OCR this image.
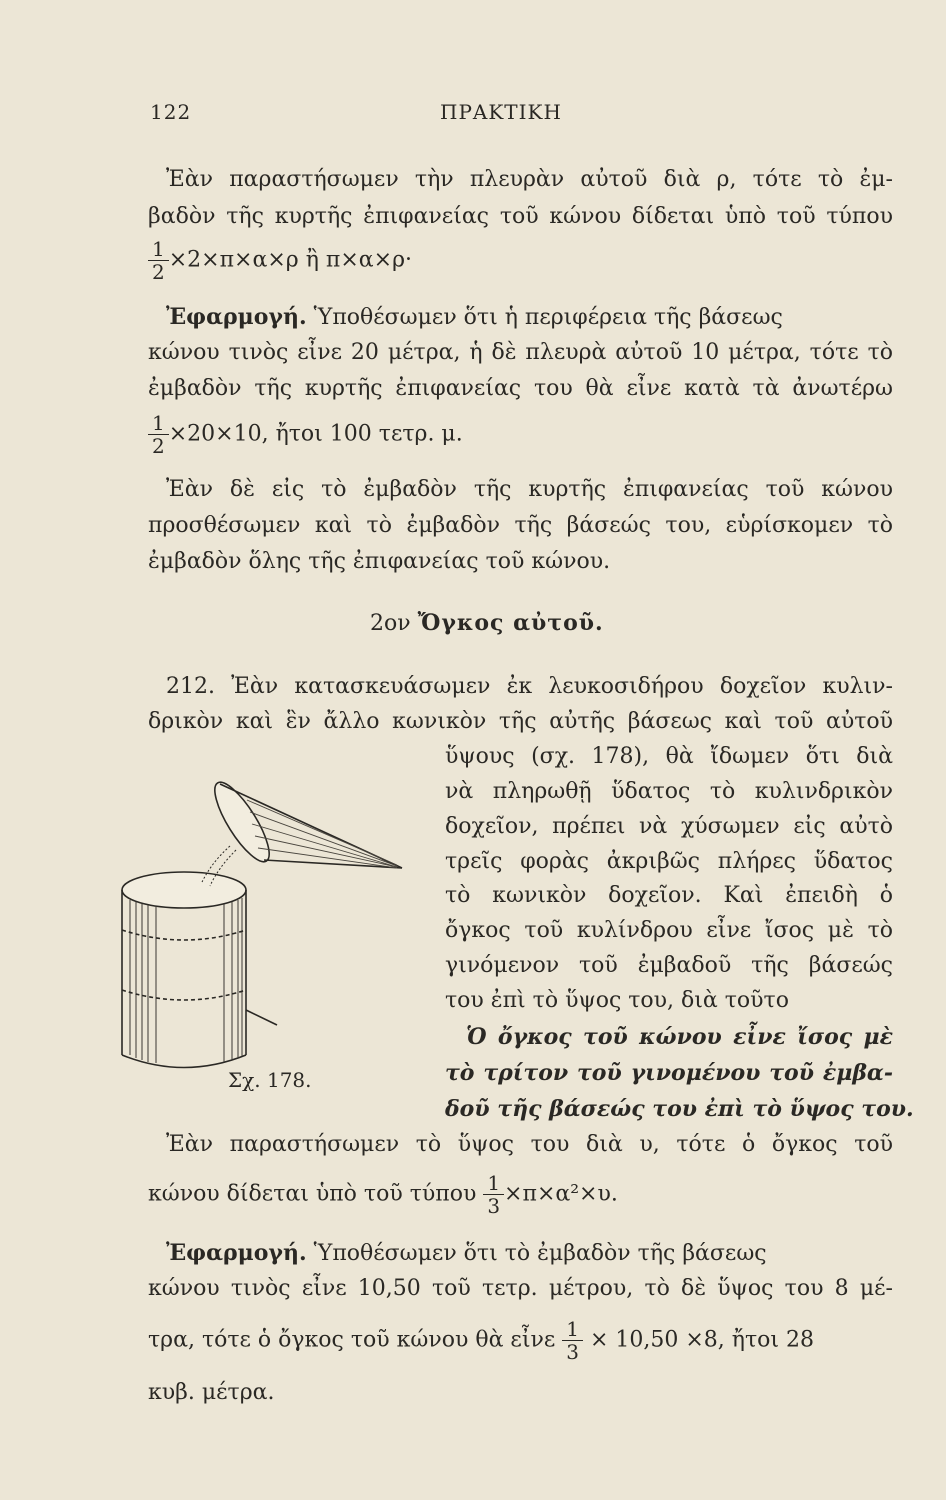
122	ΠΡΑΚΤΙΚΗ
Ἐὰν παραστήσωμεν τὴν πλευρὰν αὐτοῦ διὰ ρ, τότε τὸ ἐμ-
βαδὸν τῆς κυρτῆς ἐπιφανείας τοῦ κώνου δίδεται ὑπὸ τοῦ τύπου
$\frac{1}{2} \times 2\times\pi\times\alpha\times\rho$ ἢ π×α×ρ·
Ἐφαρμογή. Ὑποθέσωμεν ὅτι ἡ περιφέρεια τῆς βάσεως
κώνου τινὸς εἶνε 20 μέτρα, ἡ δὲ πλευρὰ αὐτοῦ 10 μέτρα, τότε τὸ
ἐμβαδὸν τῆς κυρτῆς ἐπιφανείας του θὰ εἶνε κατὰ τὰ ἀνωτέρω
$\frac{1}{2} \times 20\times 10$, ἤτοι 100 τετρ. μ.
Ἐὰν δὲ εἰς τὸ ἐμβαδὸν τῆς κυρτῆς ἐπιφανείας τοῦ κώνου
προσθέσωμεν καὶ τὸ ἐμβαδὸν τῆς βάσεώς του, εὑρίσκομεν τὸ
ἐμβαδὸν ὅλης τῆς ἐπιφανείας τοῦ κώνου.
2ον Ὄγκος αὐτοῦ.
212. Ἐὰν κατασκευάσωμεν ἐκ λευκοσιδήρου δοχεῖον κυλιν-
δρικὸν καὶ ἓν ἄλλο κωνικὸν τῆς αὐτῆς βάσεως καὶ τοῦ αὐτοῦ
ὕψους (σχ. 178), θὰ ἴδωμεν ὅτι διὰ
νὰ πληρωθῇ ὕδατος τὸ κυλινδρικὸν
δοχεῖον, πρέπει νὰ χύσωμεν εἰς αὐτὸ
τρεῖς φορὰς ἀκριβῶς πλήρες ὕδατος
τὸ κωνικὸν δοχεῖον. Καὶ ἐπειδὴ ὁ
ὄγκος τοῦ κυλίνδρου εἶνε ἴσος μὲ τὸ
γινόμενον τοῦ ἐμβαδοῦ τῆς βάσεώς
του ἐπὶ τὸ ὕψος του, διὰ τοῦτο
Ὁ ὄγκος τοῦ κώνου εἶνε ἴσος μὲ
τὸ τρίτον τοῦ γινομένου τοῦ ἐμβα-
δοῦ τῆς βάσεώς του ἐπὶ τὸ ὕψος του.
Σχ. 178.
Ἐὰν παραστήσωμεν τὸ ὕψος του διὰ υ, τότε ὁ ὄγκος τοῦ
κώνου δίδεται ὑπὸ τοῦ τύπου $\frac{1}{3} \times\pi\times\alpha^2\times\upsilon$.
Ἐφαρμογή. Ὑποθέσωμεν ὅτι τὸ ἐμβαδὸν τῆς βάσεως
κώνου τινὸς εἶνε 10,50 τοῦ τετρ. μέτρου, τὸ δὲ ὕψος του 8 μέ-
τρα, τότε ὁ ὄγκος τοῦ κώνου θὰ εἶνε $\frac{1}{3} \times 10,50 \times 8$, ἤτοι 28
κυβ. μέτρα.
